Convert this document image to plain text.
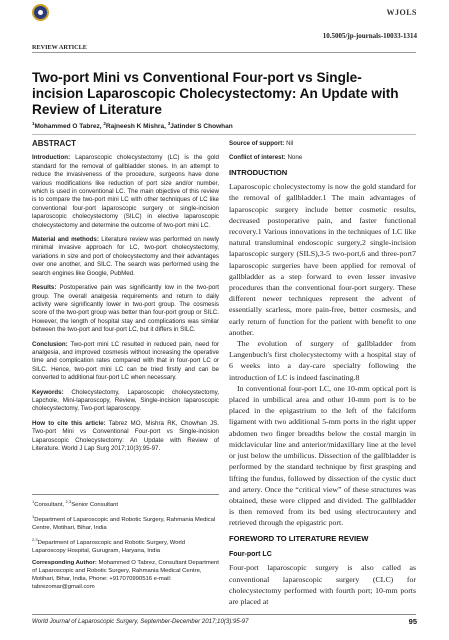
WJOLS
10.5005/jp-journals-10033-1314
REVIEW ARTICLE
Two-port Mini vs Conventional Four-port vs Single-incision Laparoscopic Cholecystectomy: An Update with Review of Literature
$^1$Mohammed O Tabrez, $^2$Rajneesh K Mishra, $^3$Jatinder S Chowhan
ABSTRACT

Introduction: Laparoscopic cholecystectomy (LC) is the gold standard for the removal of gallbladder stones. In an attempt to reduce the invasiveness of the procedure, surgeons have done various modifications like reduction of port size and/or number, which is used in conventional LC. The main objective of this review is to compare the two-port mini LC with other techniques of LC like conventional four-port laparoscopic surgery or single-incision laparoscopic cholecystectomy (SILC) in elective laparoscopic cholecystectomy and determine the outcome of two-port mini LC.

Material and methods: Literature review was performed on newly minimal invasive approach for LC, two-port cholecystectomy, variations in size and port of cholecystectomy and their advantages over one another, and SILC. The search was performed using the search engines like Google, PubMed.

Results: Postoperative pain was significantly low in the two-port group. The overall analgesia requirements and return to daily activity were significantly lower in two-port group. The cosmesis score of the two-port group was better than four-port group or SILC. However, the length of hospital stay and complications was similar between the two-port and four-port LC, but it differs in SILC.

Conclusion: Two-port mini LC resulted in reduced pain, need for analgesia, and improved cosmesis without increasing the operative time and complication rates compared with that in four-port LC or SILC. Hence, two-port mini LC can be tried firstly and can be converted to additional four-port LC when necessary.

Keywords: Cholecystectomy, Laparoscopic cholecystectomy, Lapchole, Mini-laparoscopy, Review, Single-incision laparoscopic cholecystectomy, Two-port laparoscopy.

How to cite this article: Tabrez MO, Mishra RK, Chowhan JS. Two-port Mini vs Conventional Four-port vs Single-incision Laparoscopic Cholecystectomy: An Update with Review of Literature. World J Lap Surg 2017;10(3):95-97.

$^1$Consultant, $^{2,3}$Senior Consultant

$^1$Department of Laparoscopic and Robotic Surgery, Rahmania Medical Centre, Motihari, Bihar, India

$^{2,3}$Department of Laparoscopic and Robotic Surgery, World Laparoscopy Hospital, Gurugram, Haryana, India

Corresponding Author: Mohammed O Tabrez, Consultant Department of Laparoscopic and Robotic Surgery, Rahmania Medical Centre, Motihari, Bihar, India, Phone: +917070990516 e-mail: tabrezomar@gmail.com

Source of support: Nil

Conflict of interest: None

INTRODUCTION

Laparoscopic cholecystectomy is now the gold standard for the removal of gallbladder.1 The main advantages of laparoscopic surgery include better cosmetic results, decreased postoperative pain, and faster functional recovery.1 Various innovations in the techniques of LC like natural transluminal endoscopic surgery,2 single-incision laparoscopic surgery (SILS),3-5 two-port,6 and three-port7 laparoscopic surgeries have been applied for removal of gallbladder as a step forward to even lesser invasive procedures than the conventional four-port surgery. These different newer techniques represent the advent of essentially scarless, more pain-free, better cosmesis, and early return of function for the patient with benefit to one another.

The evolution of surgery of gallbladder from Langenbuch's first cholecystectomy with a hospital stay of 6 weeks into a day-care specialty following the introduction of LC is indeed fascinating.8

In conventional four-port LC, one 10-mm optical port is placed in umbilical area and other 10-mm port is to be placed in the epigastrium to the left of the falciform ligament with two additional 5-mm ports in the right upper abdomen two finger breadths below the costal margin in midclavicular line and anterior/midaxillary line at the level or just below the umbilicus. Dissection of the gallbladder is performed by the standard technique by first grasping and lifting the fundus, followed by dissection of the cystic duct and artery. Once the “critical view” of these structures was obtained, these were clipped and divided. The gallbladder is then removed from its bed using electrocautery and retrieved through the epigastric port.

FOREWORD TO LITERATURE REVIEW
Four-port LC

Four-port laparoscopic surgery is also called as conventional laparoscopic surgery (CLC) for cholecystectomy performed with fourth port; 10-mm ports are placed at

World Journal of Laparoscopic Surgery, September-December 2017;10(3):95-97	95
